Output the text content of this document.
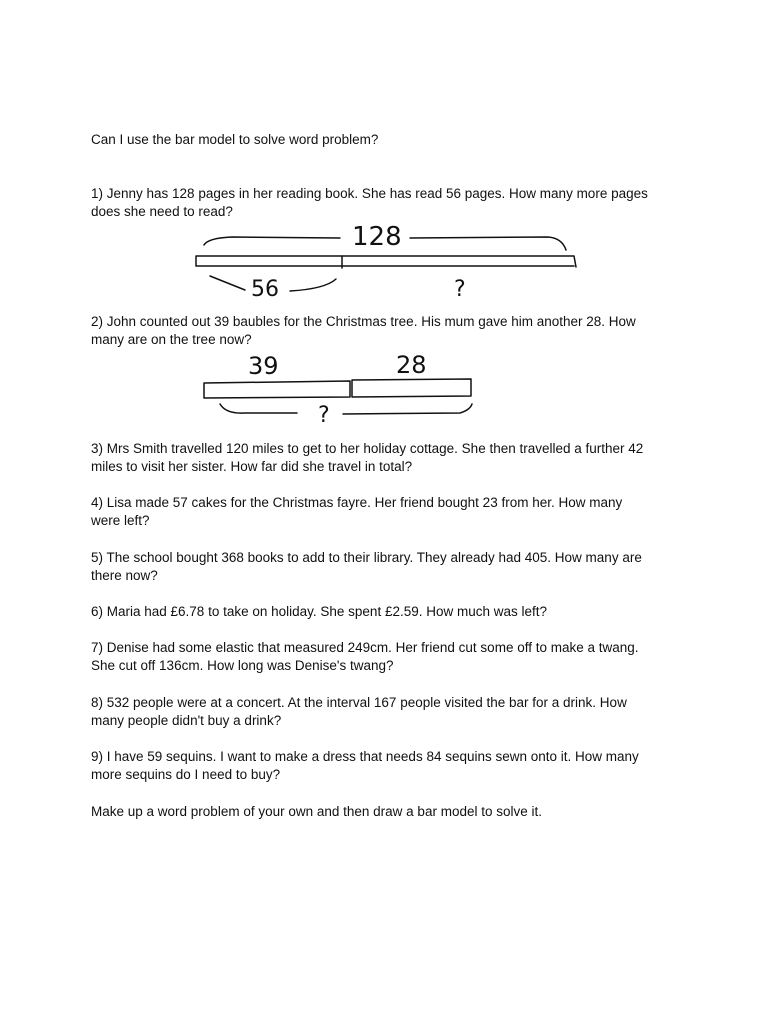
Can I use the bar model to solve word problem?

1) Jenny has 128 pages in her reading book. She has read 56 pages. How many more pages

does she need to read?

2) John counted out 39 baubles for the Christmas tree. His mum gave him another 28. How

many are on the tree now?

3) Mrs Smith travelled 120 miles to get to her holiday cottage. She then travelled a further 42

miles to visit her sister. How far did she travel in total?

4) Lisa made 57 cakes for the Christmas fayre. Her friend bought 23 from her. How many

were left?

5) The school bought 368 books to add to their library. They already had 405. How many are

there now?

6) Maria had £6.78 to take on holiday. She spent £2.59. How much was left?

7) Denise had some elastic that measured 249cm. Her friend cut some off to make a twang.

She cut off 136cm. How long was Denise's twang?

8) 532 people were at a concert. At the interval 167 people visited the bar for a drink. How

many people didn't buy a drink?

9) I have 59 sequins. I want to make a dress that needs 84 sequins sewn onto it. How many

more sequins do I need to buy?

Make up a word problem of your own and then draw a bar model to solve it.

128
56	?
39	28
?
